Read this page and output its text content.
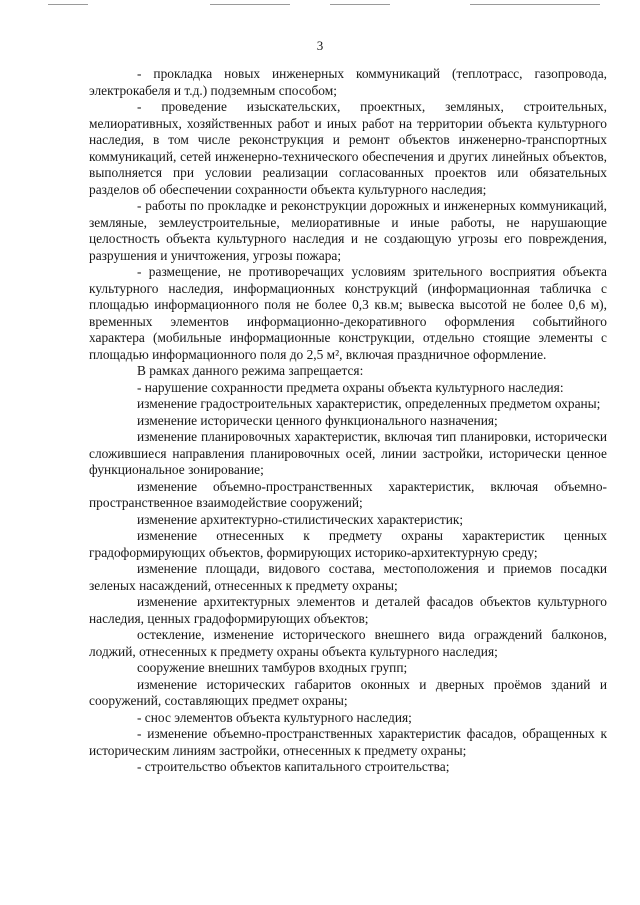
3

- прокладка новых инженерных коммуникаций (теплотрасс, газопровода, электрокабеля и т.д.) подземным способом;

- проведение изыскательских, проектных, земляных, строительных, мелиоративных, хозяйственных работ и иных работ на территории объекта культурного наследия, в том числе реконструкция и ремонт объектов инженерно-транспортных коммуникаций, сетей инженерно-технического обеспечения и других линейных объектов, выполняется при условии реализации согласованных проектов или обязательных разделов об обеспечении сохранности объекта культурного наследия;

- работы по прокладке и реконструкции дорожных и инженерных коммуникаций, земляные, землеустроительные, мелиоративные и иные работы, не нарушающие целостность объекта культурного наследия и не создающую угрозы его повреждения, разрушения и уничтожения, угрозы пожара;

- размещение, не противоречащих условиям зрительного восприятия объекта культурного наследия, информационных конструкций (информационная табличка с площадью информационного поля не более 0,3 кв.м; вывеска высотой не более 0,6 м), временных элементов информационно-декоративного оформления событийного характера (мобильные информационные конструкции, отдельно стоящие элементы с площадью информационного поля до 2,5 м², включая праздничное оформление.

В рамках данного режима запрещается:

- нарушение сохранности предмета охраны объекта культурного наследия:

изменение градостроительных характеристик, определенных предметом охраны;

изменение исторически ценного функционального назначения;

изменение планировочных характеристик, включая тип планировки, исторически сложившиеся направления планировочных осей, линии застройки, исторически ценное функциональное зонирование;

изменение объемно-пространственных характеристик, включая объемно-пространственное взаимодействие сооружений;

изменение архитектурно-стилистических характеристик;

изменение отнесенных к предмету охраны характеристик ценных градоформирующих объектов, формирующих историко-архитектурную среду;

изменение площади, видового состава, местоположения и приемов посадки зеленых насаждений, отнесенных к предмету охраны;

изменение архитектурных элементов и деталей фасадов объектов культурного наследия, ценных градоформирующих объектов;

остекление, изменение исторического внешнего вида ограждений балконов, лоджий, отнесенных к предмету охраны объекта культурного наследия;

сооружение внешних тамбуров входных групп;

изменение исторических габаритов оконных и дверных проёмов зданий и сооружений, составляющих предмет охраны;

- снос элементов объекта культурного наследия;

- изменение объемно-пространственных характеристик фасадов, обращенных к историческим линиям застройки, отнесенных к предмету охраны;

- строительство объектов капитального строительства;
